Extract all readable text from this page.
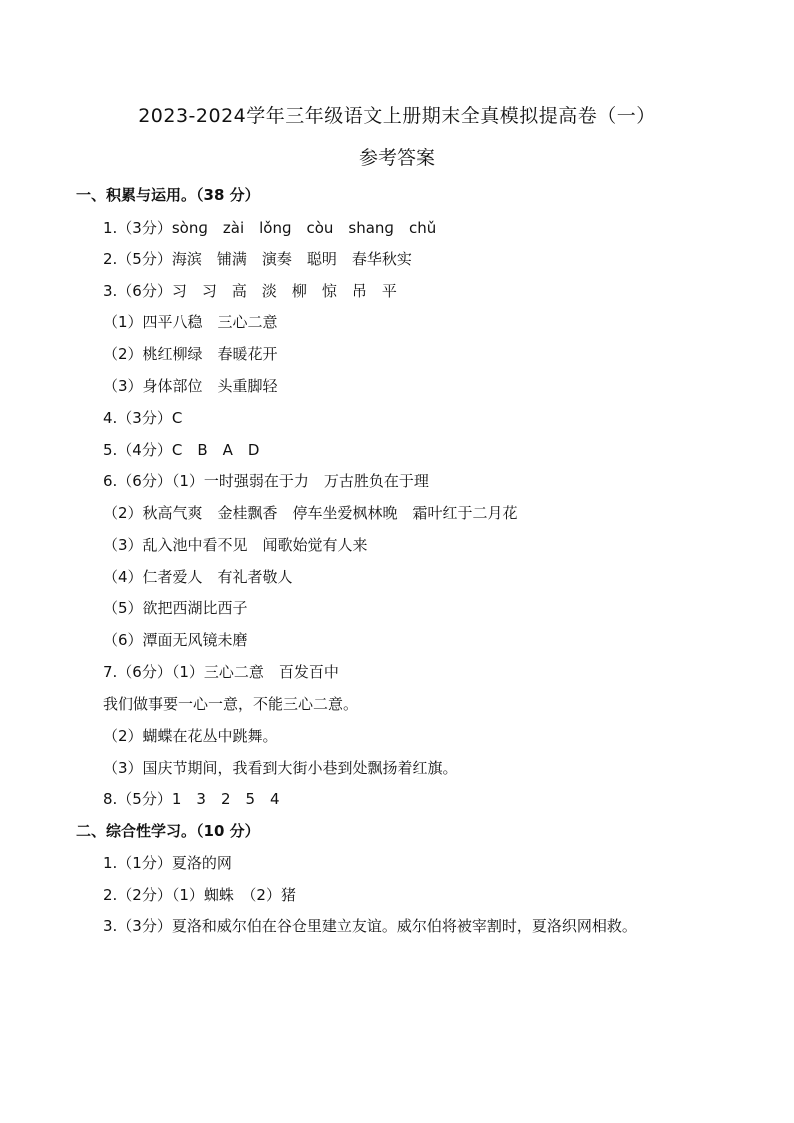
2023-2024学年三年级语文上册期末全真模拟提高卷（一）
参考答案
一、积累与运用。（38 分）
1.（3分）sònɡ　zài　lǒnɡ　còu　shanɡ　chǔ
2.（5分）海滨　铺满　演奏　聪明　春华秋实
3.（6分）习　习　高　淡　柳　惊　吊　平
（1）四平八稳　三心二意
（2）桃红柳绿　春暖花开
（3）身体部位　头重脚轻
4.（3分）C
5.（4分）C　B　A　D
6.（6分）（1）一时强弱在于力　万古胜负在于理
（2）秋高气爽　金桂飘香　停车坐爱枫林晚　霜叶红于二月花
（3）乱入池中看不见　闻歌始觉有人来
（4）仁者爱人　有礼者敬人
（5）欲把西湖比西子
（6）潭面无风镜未磨
7.（6分）（1）三心二意　百发百中
我们做事要一心一意，不能三心二意。
（2）蝴蝶在花丛中跳舞。
（3）国庆节期间，我看到大街小巷到处飘扬着红旗。
8.（5分）1　3　2　5　4
二、综合性学习。（10 分）
1.（1分）夏洛的网
2.（2分）（1）蜘蛛　（2）猪
3.（3分）夏洛和威尔伯在谷仓里建立友谊。威尔伯将被宰割时，夏洛织网相救。
